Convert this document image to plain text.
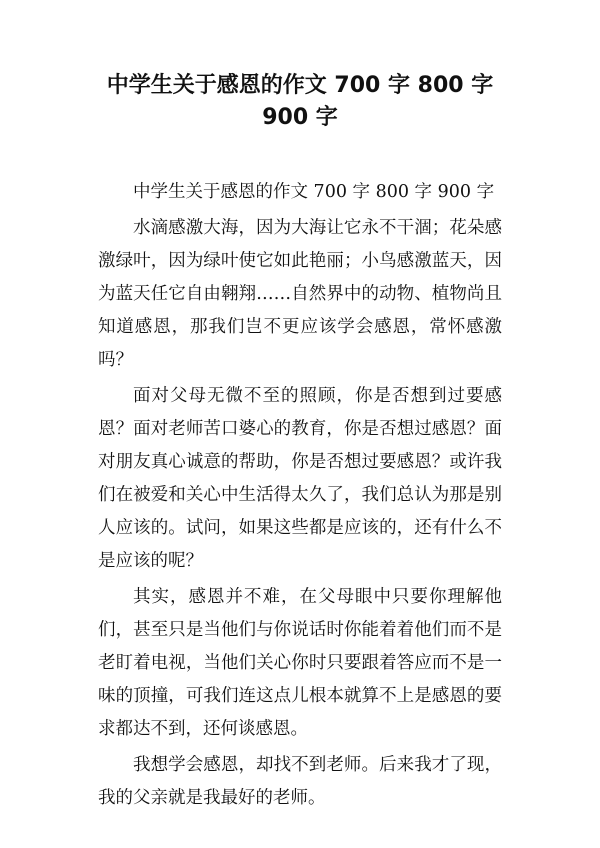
中学生关于感恩的作文 700 字 800 字
900 字

中学生关于感恩的作文 700 字 800 字 900 字

水滴感激大海，因为大海让它永不干涸；花朵感激绿叶，因为绿叶使它如此艳丽；小鸟感激蓝天，因为蓝天任它自由翱翔……自然界中的动物、植物尚且知道感恩，那我们岂不更应该学会感恩，常怀感激吗？

面对父母无微不至的照顾，你是否想到过要感恩？面对老师苦口婆心的教育，你是否想过感恩？面对朋友真心诚意的帮助，你是否想过要感恩？或许我们在被爱和关心中生活得太久了，我们总认为那是别人应该的。试问，如果这些都是应该的，还有什么不是应该的呢？

其实，感恩并不难，在父母眼中只要你理解他们，甚至只是当他们与你说话时你能着着他们而不是老盯着电视，当他们关心你时只要跟着答应而不是一味的顶撞，可我们连这点儿根本就算不上是感恩的要求都达不到，还何谈感恩。

我想学会感恩，却找不到老师。后来我才了现，我的父亲就是我最好的老师。
